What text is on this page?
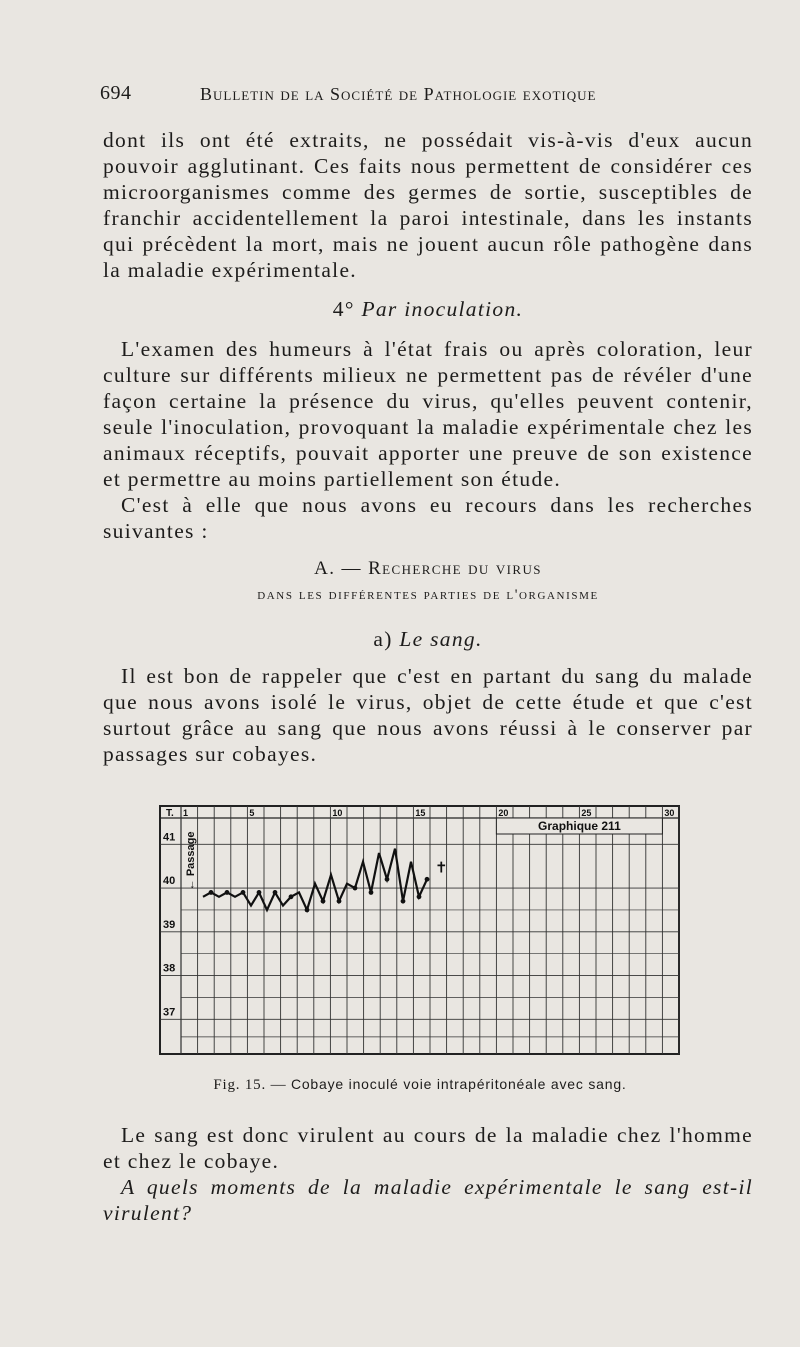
694	Bulletin de la Société de Pathologie exotique

dont ils ont été extraits, ne possédait vis-à-vis d'eux aucun pouvoir agglutinant. Ces faits nous permettent de considérer ces microorganismes comme des germes de sortie, susceptibles de franchir accidentellement la paroi intestinale, dans les instants qui précèdent la mort, mais ne jouent aucun rôle pathogène dans la maladie expérimentale.

4° Par inoculation.

L'examen des humeurs à l'état frais ou après coloration, leur culture sur différents milieux ne permettent pas de révéler d'une façon certaine la présence du virus, qu'elles peuvent contenir, seule l'inoculation, provoquant la maladie expérimentale chez les animaux réceptifs, pouvait apporter une preuve de son existence et permettre au moins partiellement son étude.

C'est à elle que nous avons eu recours dans les recherches suivantes :

A. — Recherche du virus
dans les différentes parties de l'organisme
a) Le sang.

Il est bon de rappeler que c'est en partant du sang du malade que nous avons isolé le virus, objet de cette étude et que c'est surtout grâce au sang que nous avons réussi à le conserver par passages sur cobayes.

41
40
39
38
37
T. 1	5	10	15	20	25	30
Graphique 211
← Passage	✝
Fig. 15. — Cobaye inoculé voie intrapéritonéale avec sang.

Le sang est donc virulent au cours de la maladie chez l'homme et chez le cobaye.

A quels moments de la maladie expérimentale le sang est-il virulent?
